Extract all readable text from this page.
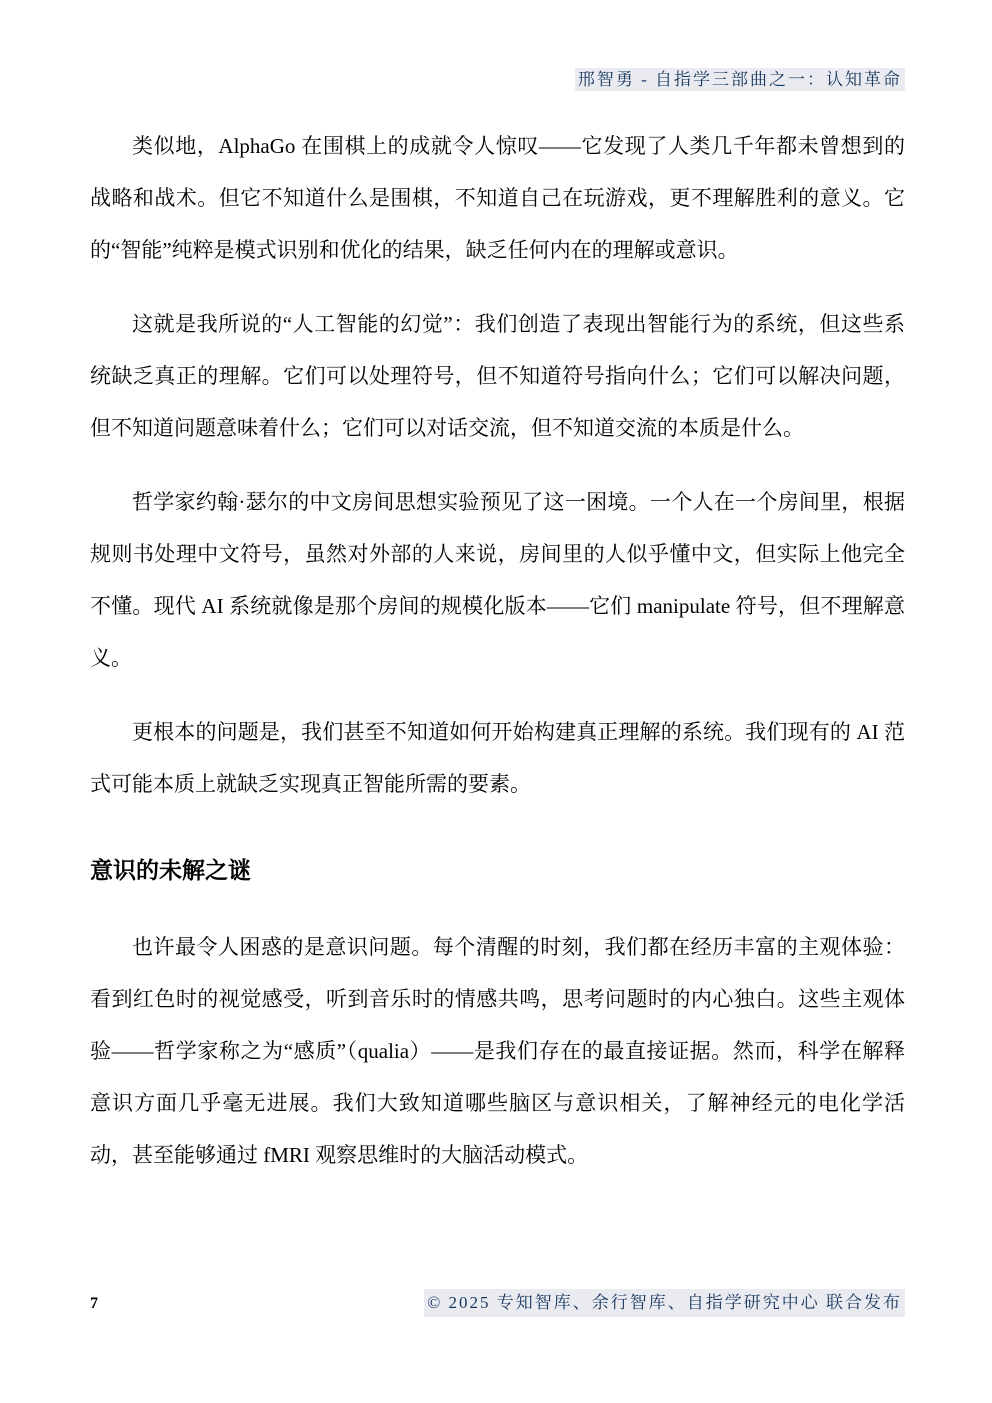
邢智勇 - 自指学三部曲之一：认知革命

类似地，AlphaGo 在围棋上的成就令人惊叹——它发现了人类几千年都未曾想到的战略和战术。但它不知道什么是围棋，不知道自己在玩游戏，更不理解胜利的意义。它的“智能”纯粹是模式识别和优化的结果，缺乏任何内在的理解或意识。

这就是我所说的“人工智能的幻觉”：我们创造了表现出智能行为的系统，但这些系统缺乏真正的理解。它们可以处理符号，但不知道符号指向什么；它们可以解决问题，但不知道问题意味着什么；它们可以对话交流，但不知道交流的本质是什么。

哲学家约翰·瑟尔的中文房间思想实验预见了这一困境。一个人在一个房间里，根据规则书处理中文符号，虽然对外部的人来说，房间里的人似乎懂中文，但实际上他完全不懂。现代 AI 系统就像是那个房间的规模化版本——它们 manipulate 符号，但不理解意义。

更根本的问题是，我们甚至不知道如何开始构建真正理解的系统。我们现有的 AI 范式可能本质上就缺乏实现真正智能所需的要素。

意识的未解之谜

也许最令人困惑的是意识问题。每个清醒的时刻，我们都在经历丰富的主观体验：看到红色时的视觉感受，听到音乐时的情感共鸣，思考问题时的内心独白。这些主观体验——哲学家称之为“感质”（qualia）——是我们存在的最直接证据。然而，科学在解释意识方面几乎毫无进展。我们大致知道哪些脑区与意识相关，了解神经元的电化学活动，甚至能够通过 fMRI 观察思维时的大脑活动模式。

7	© 2025 专知智库、余行智库、自指学研究中心 联合发布
